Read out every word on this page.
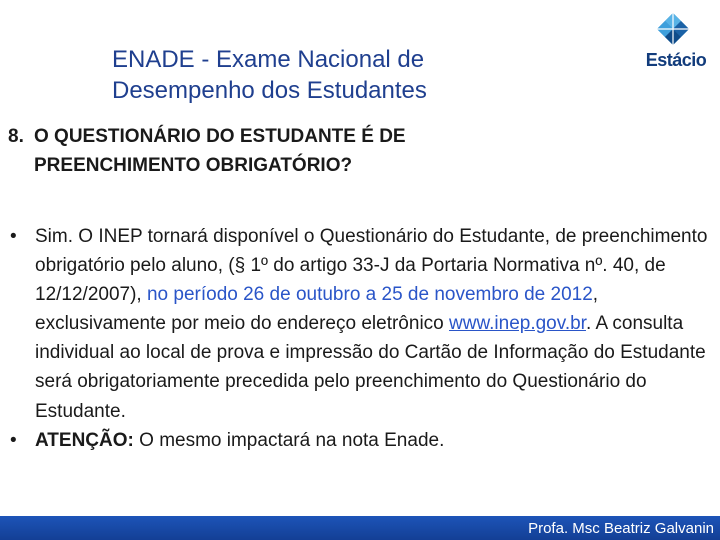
ENADE - Exame Nacional de
Desempenho dos Estudantes
Estácio
8. O QUESTIONÁRIO DO ESTUDANTE É DE
PREENCHIMENTO OBRIGATÓRIO?
• Sim. O INEP tornará disponível o Questionário do Estudante, de preenchimento obrigatório pelo aluno, (§ 1º do artigo 33-J da Portaria Normativa nº. 40, de 12/12/2007), no período 26 de outubro a 25 de novembro de 2012, exclusivamente por meio do endereço eletrônico www.inep.gov.br. A consulta individual ao local de prova e impressão do Cartão de Informação do Estudante será obrigatoriamente precedida pelo preenchimento do Questionário do Estudante.
• ATENÇÃO: O mesmo impactará na nota Enade.
Profa. Msc Beatriz Galvanin
